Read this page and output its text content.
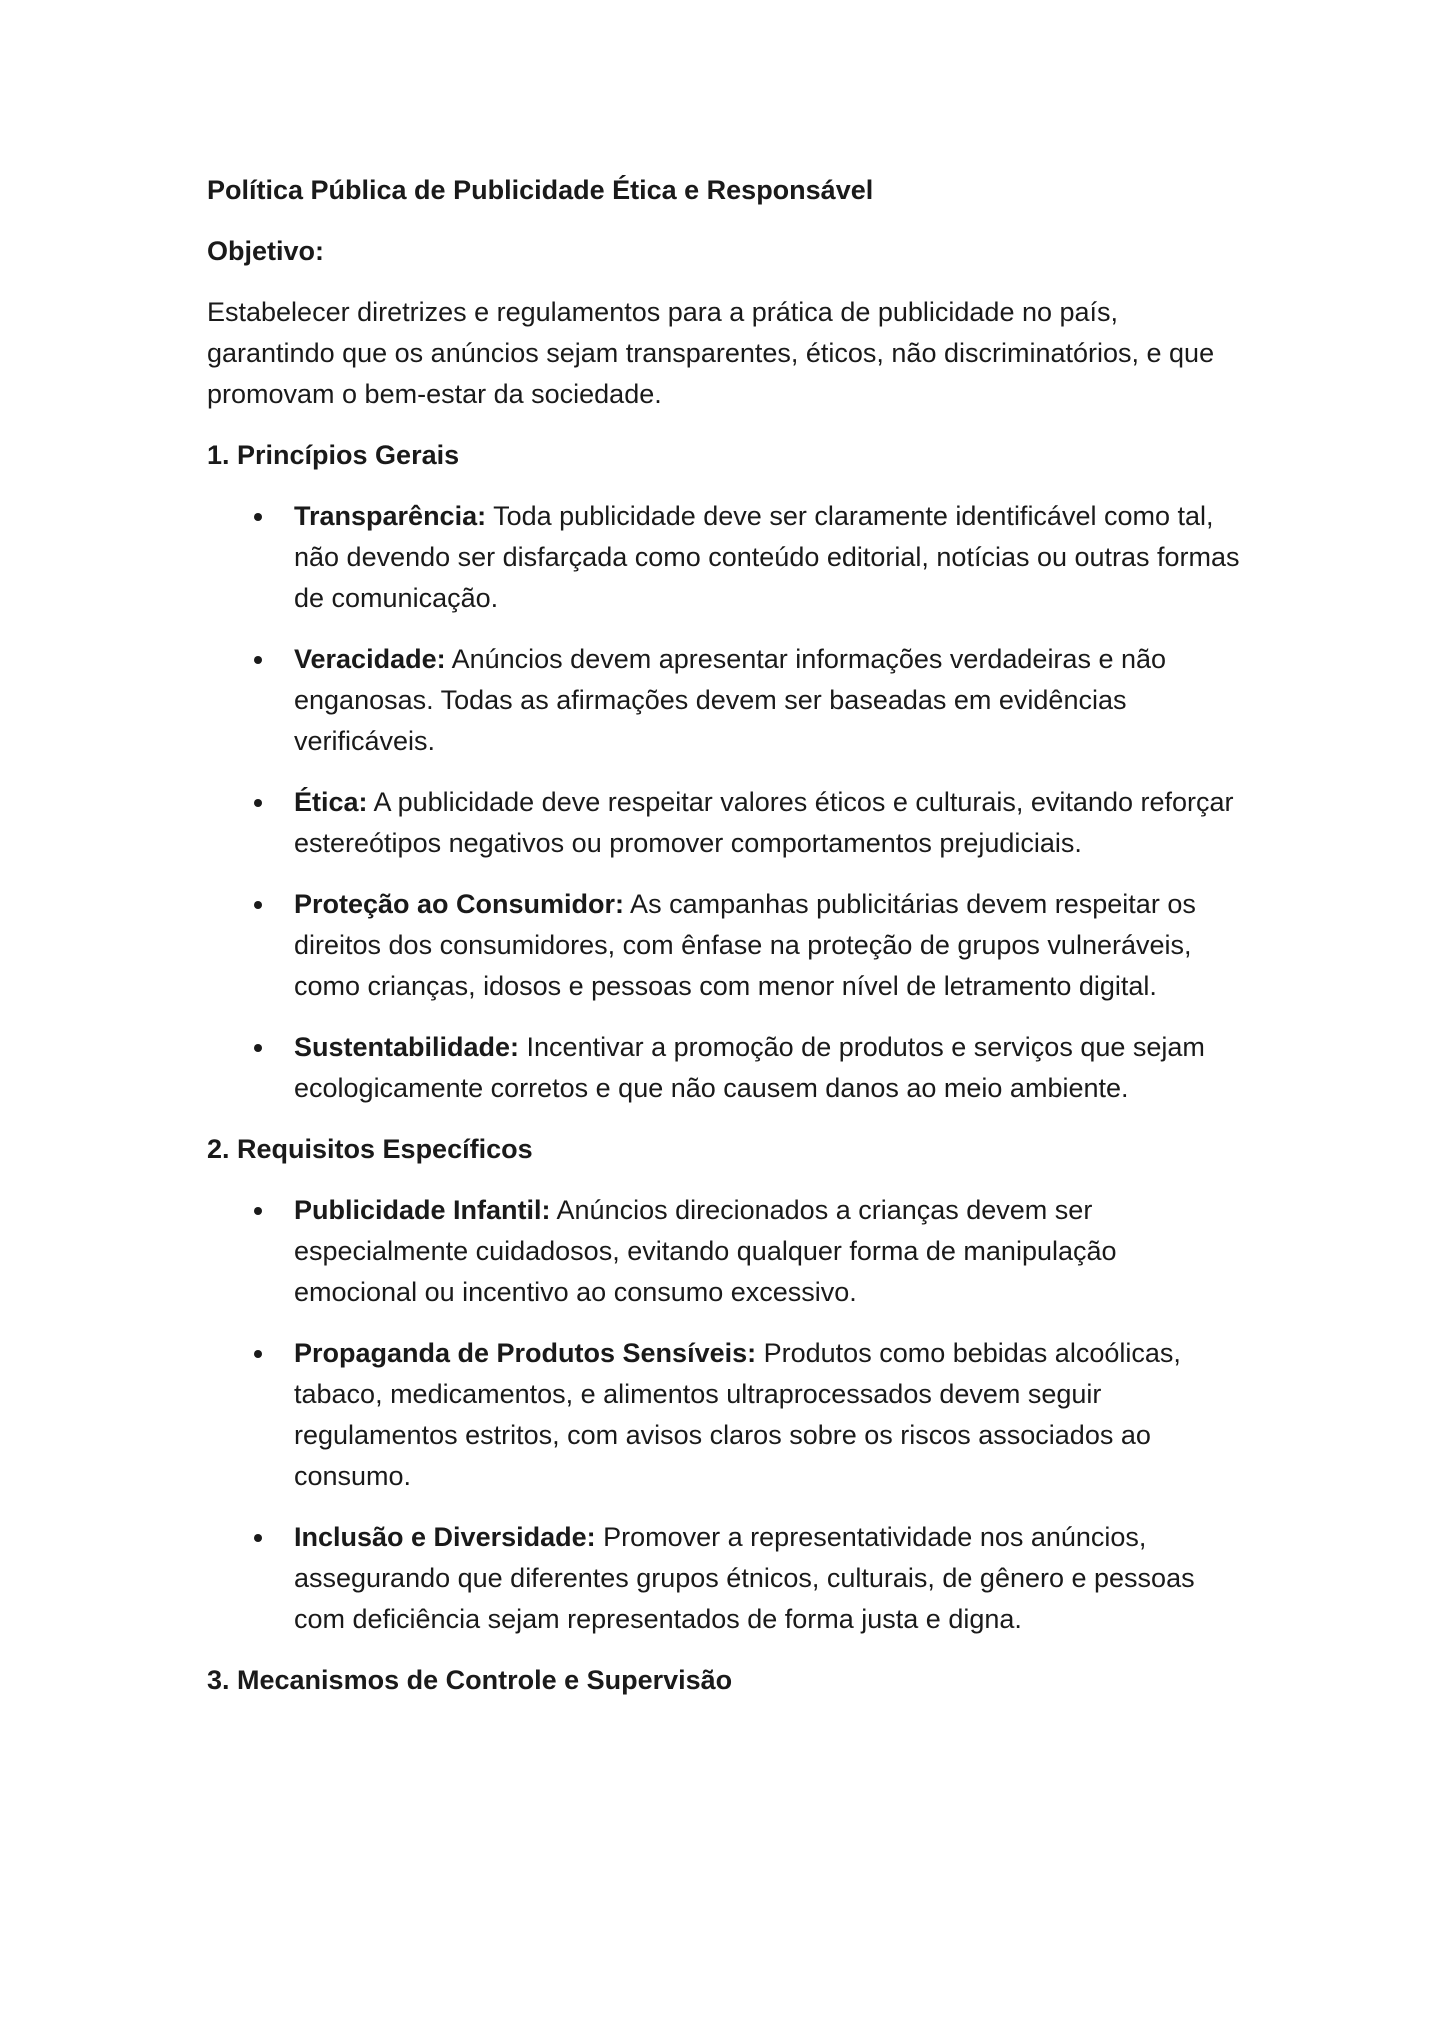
Política Pública de Publicidade Ética e Responsável
Objetivo:
Estabelecer diretrizes e regulamentos para a prática de publicidade no país, garantindo que os anúncios sejam transparentes, éticos, não discriminatórios, e que promovam o bem-estar da sociedade.
1. Princípios Gerais
Transparência: Toda publicidade deve ser claramente identificável como tal, não devendo ser disfarçada como conteúdo editorial, notícias ou outras formas de comunicação.
Veracidade: Anúncios devem apresentar informações verdadeiras e não enganosas. Todas as afirmações devem ser baseadas em evidências verificáveis.
Ética: A publicidade deve respeitar valores éticos e culturais, evitando reforçar estereótipos negativos ou promover comportamentos prejudiciais.
Proteção ao Consumidor: As campanhas publicitárias devem respeitar os direitos dos consumidores, com ênfase na proteção de grupos vulneráveis, como crianças, idosos e pessoas com menor nível de letramento digital.
Sustentabilidade: Incentivar a promoção de produtos e serviços que sejam ecologicamente corretos e que não causem danos ao meio ambiente.
2. Requisitos Específicos
Publicidade Infantil: Anúncios direcionados a crianças devem ser especialmente cuidadosos, evitando qualquer forma de manipulação emocional ou incentivo ao consumo excessivo.
Propaganda de Produtos Sensíveis: Produtos como bebidas alcoólicas, tabaco, medicamentos, e alimentos ultraprocessados devem seguir regulamentos estritos, com avisos claros sobre os riscos associados ao consumo.
Inclusão e Diversidade: Promover a representatividade nos anúncios, assegurando que diferentes grupos étnicos, culturais, de gênero e pessoas com deficiência sejam representados de forma justa e digna.
3. Mecanismos de Controle e Supervisão
